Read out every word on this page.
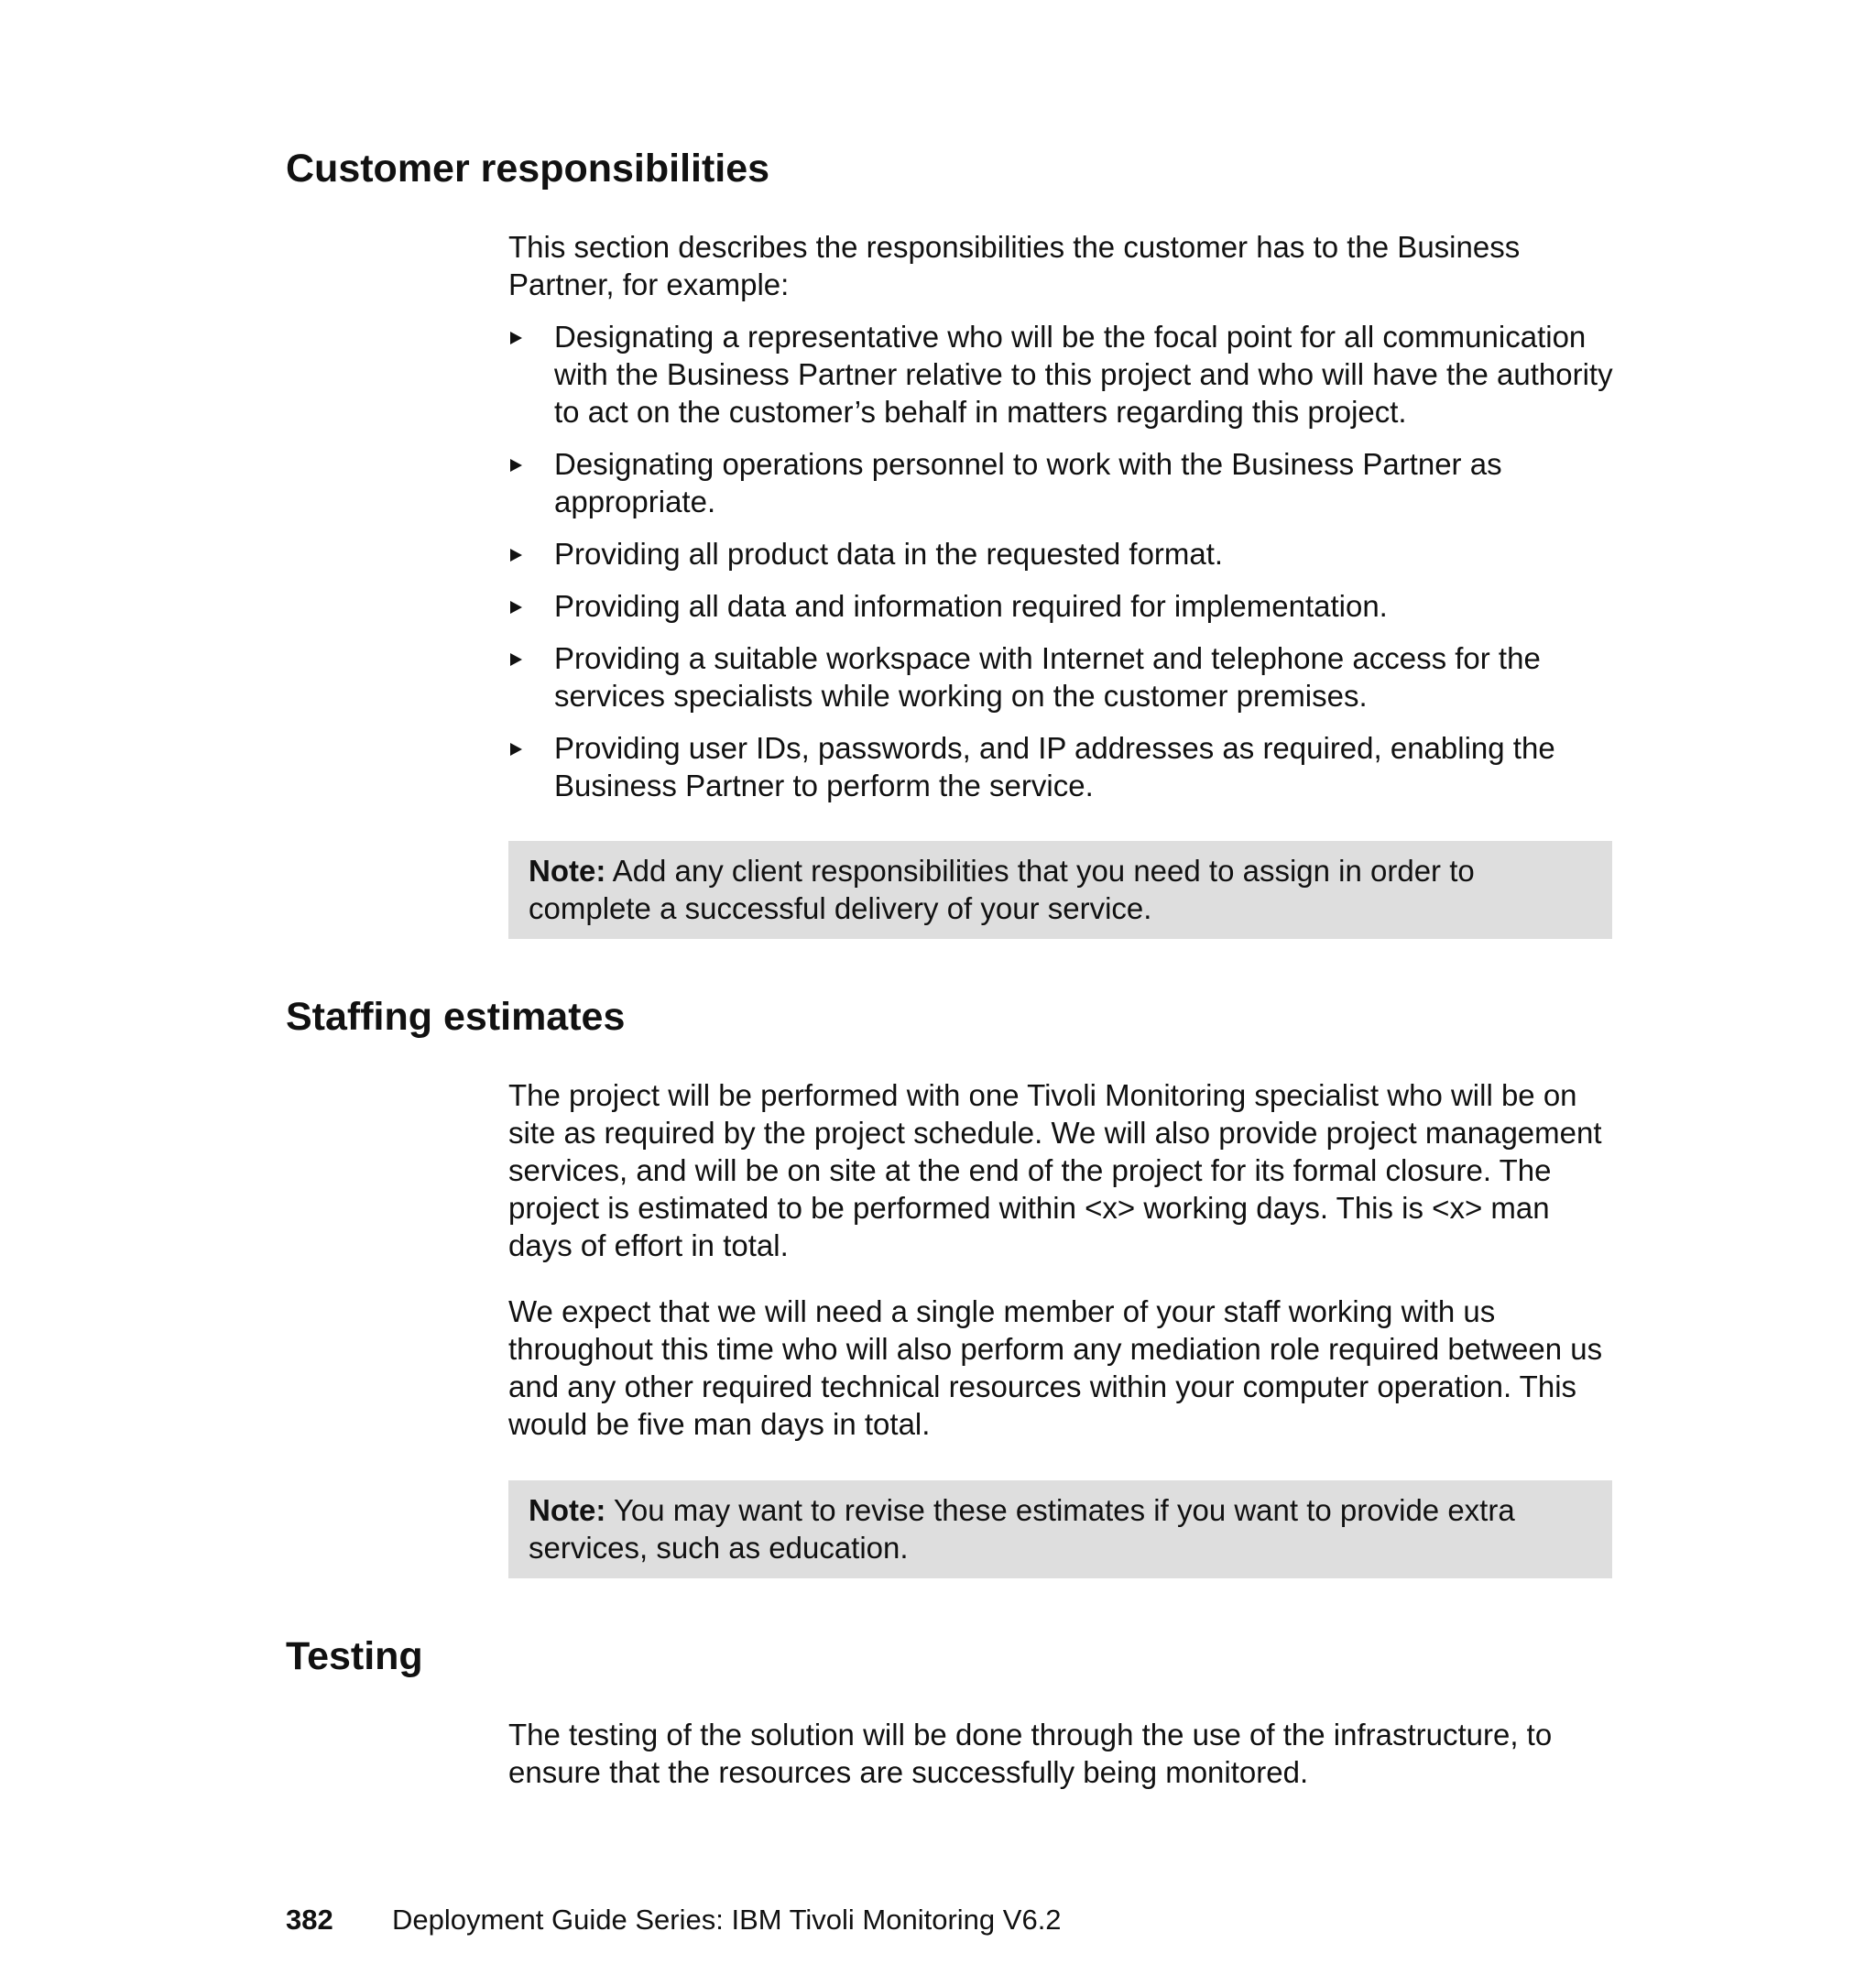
Customer responsibilities

This section describes the responsibilities the customer has to the Business Partner, for example:

Designating a representative who will be the focal point for all communication with the Business Partner relative to this project and who will have the authority to act on the customer’s behalf in matters regarding this project.
Designating operations personnel to work with the Business Partner as appropriate.
Providing all product data in the requested format.
Providing all data and information required for implementation.
Providing a suitable workspace with Internet and telephone access for the services specialists while working on the customer premises.
Providing user IDs, passwords, and IP addresses as required, enabling the Business Partner to perform the service.
Note: Add any client responsibilities that you need to assign in order to complete a successful delivery of your service.
Staffing estimates

The project will be performed with one Tivoli Monitoring specialist who will be on site as required by the project schedule. We will also provide project management services, and will be on site at the end of the project for its formal closure. The project is estimated to be performed within <x> working days. This is <x> man days of effort in total.

We expect that we will need a single member of your staff working with us throughout this time who will also perform any mediation role required between us and any other required technical resources within your computer operation. This would be five man days in total.

Note: You may want to revise these estimates if you want to provide extra services, such as education.
Testing

The testing of the solution will be done through the use of the infrastructure, to ensure that the resources are successfully being monitored.

382 Deployment Guide Series: IBM Tivoli Monitoring V6.2
